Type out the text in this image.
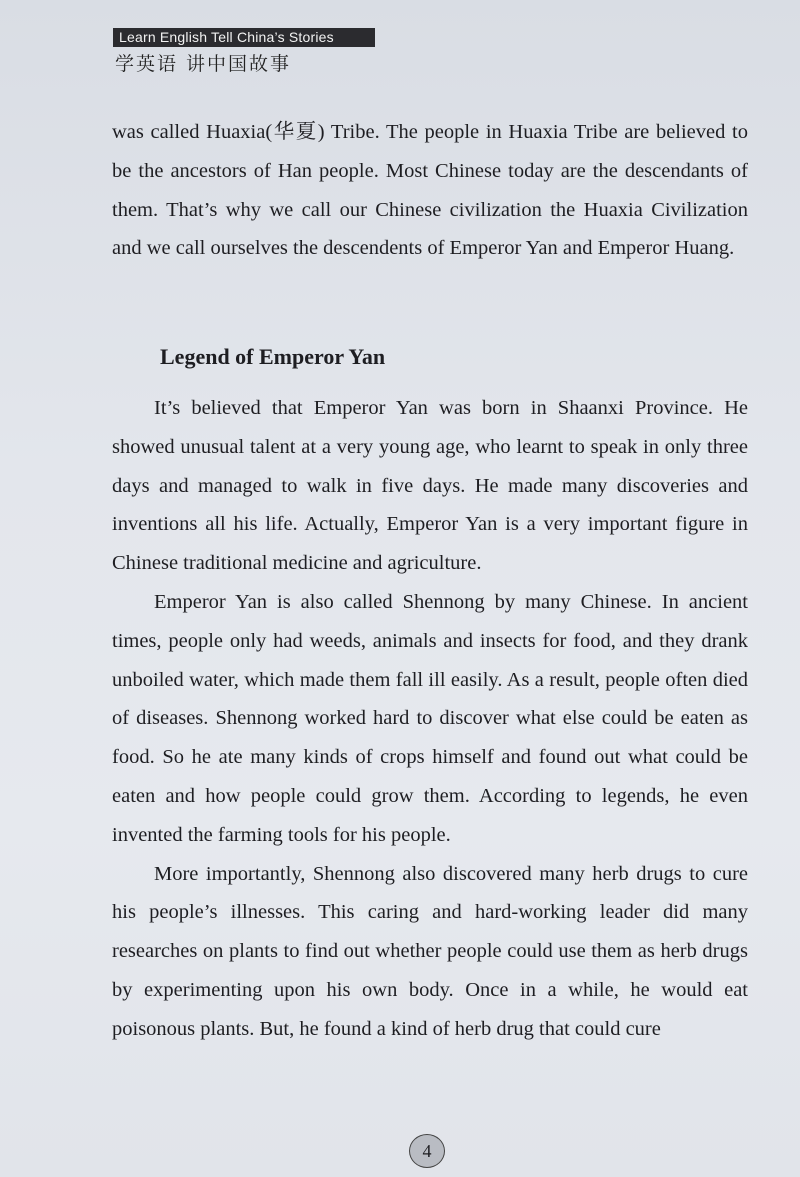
Learn English Tell China’s Stories
学英语 讲中国故事

was called Huaxia(华夏) Tribe. The people in Huaxia Tribe are believed to be the ancestors of Han people. Most Chinese today are the descendants of them. That’s why we call our Chinese civilization the Huaxia Civilization and we call ourselves the descendents of Emperor Yan and Emperor Huang.

Legend of Emperor Yan

It’s believed that Emperor Yan was born in Shaanxi Province. He showed unusual talent at a very young age, who learnt to speak in only three days and managed to walk in five days. He made many discoveries and inventions all his life. Actually, Emperor Yan is a very important figure in Chinese traditional medicine and agriculture.

Emperor Yan is also called Shennong by many Chinese. In ancient times, people only had weeds, animals and insects for food, and they drank unboiled water, which made them fall ill easily. As a result, people often died of diseases. Shennong worked hard to discover what else could be eaten as food. So he ate many kinds of crops himself and found out what could be eaten and how people could grow them. According to legends, he even invented the farming tools for his people.

More importantly, Shennong also discovered many herb drugs to cure his people’s illnesses. This caring and hard-working leader did many researches on plants to find out whether people could use them as herb drugs by experimenting upon his own body. Once in a while, he would eat poisonous plants. But, he found a kind of herb drug that could cure

4
